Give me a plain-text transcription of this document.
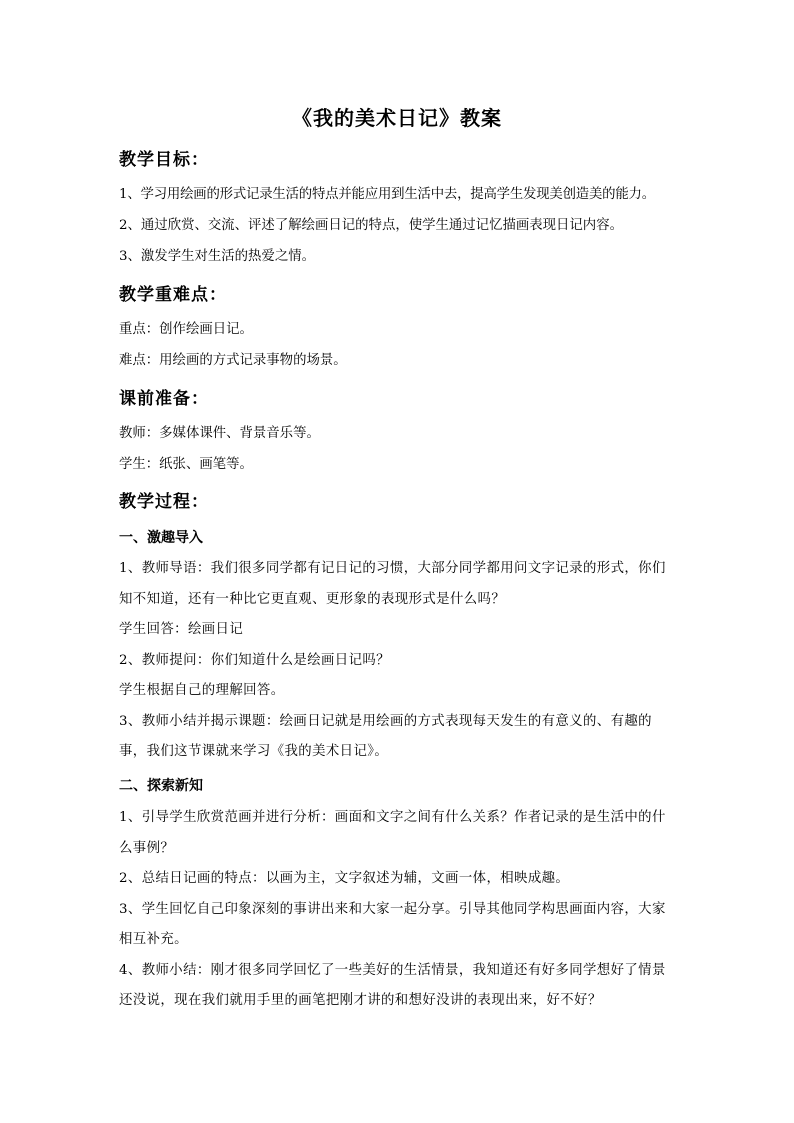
《我的美术日记》教案
教学目标：
1、学习用绘画的形式记录生活的特点并能应用到生活中去，提高学生发现美创造美的能力。
2、通过欣赏、交流、评述了解绘画日记的特点，使学生通过记忆描画表现日记内容。
3、激发学生对生活的热爱之情。
教学重难点：
重点：创作绘画日记。
难点：用绘画的方式记录事物的场景。
课前准备：
教师：多媒体课件、背景音乐等。
学生：纸张、画笔等。
教学过程：
一、激趣导入
1、教师导语：我们很多同学都有记日记的习惯，大部分同学都用问文字记录的形式，你们知不知道，还有一种比它更直观、更形象的表现形式是什么吗？
学生回答：绘画日记
2、教师提问：你们知道什么是绘画日记吗？
学生根据自己的理解回答。
3、教师小结并揭示课题：绘画日记就是用绘画的方式表现每天发生的有意义的、有趣的事，我们这节课就来学习《我的美术日记》。
二、探索新知
1、引导学生欣赏范画并进行分析：画面和文字之间有什么关系？作者记录的是生活中的什么事例？
2、总结日记画的特点：以画为主，文字叙述为辅，文画一体，相映成趣。
3、学生回忆自己印象深刻的事讲出来和大家一起分享。引导其他同学构思画面内容，大家相互补充。
4、教师小结：刚才很多同学回忆了一些美好的生活情景，我知道还有好多同学想好了情景还没说，现在我们就用手里的画笔把刚才讲的和想好没讲的表现出来，好不好？
